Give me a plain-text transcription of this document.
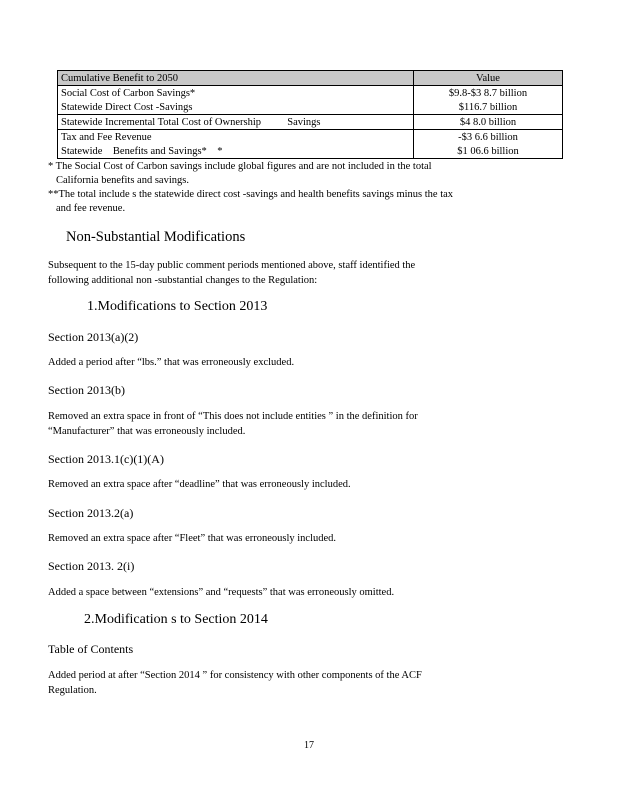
Cumulative Benefit to 2050	Value
Social Cost of Carbon Savings*	$9.8-$3 8.7 billion
Statewide Direct Cost -Savings	$116.7 billion
Statewide Incremental Total Cost of Ownership          Savings	$4 8.0 billion
Tax and Fee Revenue	-$3 6.6 billion
Statewide    Benefits and Savings*    *	$1 06.6 billion
* The Social Cost of Carbon savings include global figures and are not included in the total
California benefits and savings.
**The total include s the statewide direct cost -savings and health benefits savings minus the tax
and fee revenue.
Non-Substantial Modifications
Subsequent to the 15-day public comment periods mentioned above, staff identified the
following additional non -substantial changes to the Regulation:
1.Modifications to Section 2013
Section 2013(a)(2)
Added a period after “lbs.” that was erroneously excluded.
Section 2013(b)
Removed an extra space in front of “This does not include entities ” in the definition for
“Manufacturer” that was erroneously included.
Section 2013.1(c)(1)(A)
Removed an extra space after “deadline” that was erroneously included.
Section 2013.2(a)
Removed an extra space after “Fleet” that was erroneously included.
Section 2013. 2(i)
Added a space between “extensions” and “requests” that was erroneously omitted.
2.Modification s to Section 2014
Table of Contents
Added period at after “Section 2014 ” for consistency with other components of the ACF
Regulation.
17
